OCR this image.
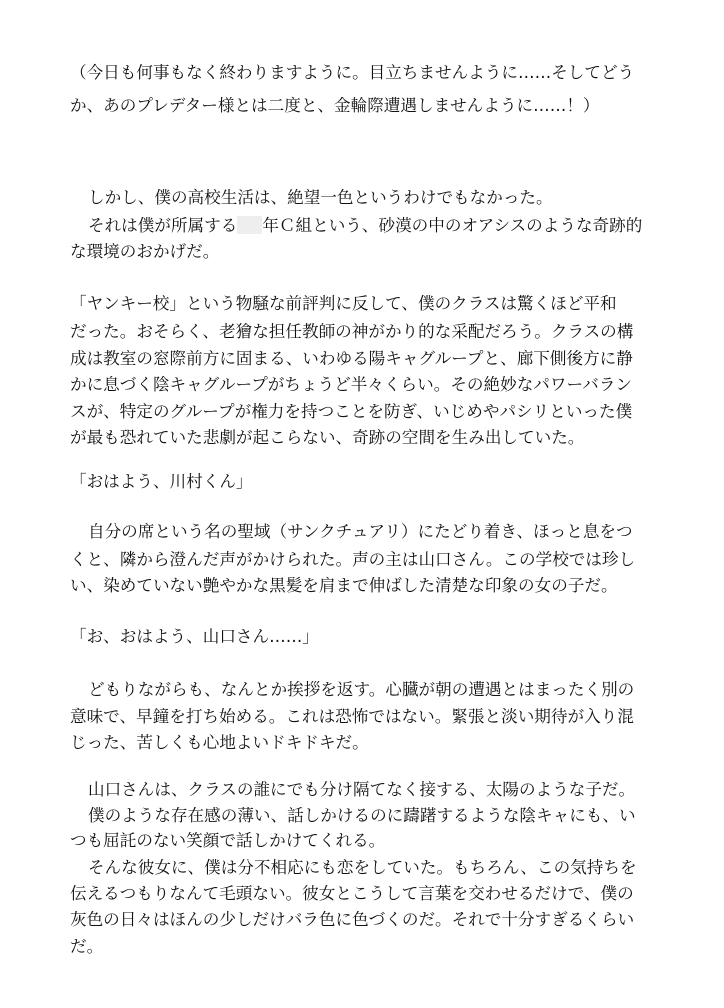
（今日も何事もなく終わりますように。目立ちませんように……そしてどう
か、あのプレデター様とは二度と、金輪際遭遇しませんように……！）
しかし、僕の高校生活は、絶望一色というわけでもなかった。
それは僕が所属する 年Ｃ組という、砂漠の中のオアシスのような奇跡的
な環境のおかげだ。
「ヤンキー校」という物騒な前評判に反して、僕のクラスは驚くほど平和
だった。おそらく、老獪な担任教師の神がかり的な采配だろう。クラスの構
成は教室の窓際前方に固まる、いわゆる陽キャグループと、廊下側後方に静
かに息づく陰キャグループがちょうど半々くらい。その絶妙なパワーバラン
スが、特定のグループが権力を持つことを防ぎ、いじめやパシリといった僕
が最も恐れていた悲劇が起こらない、奇跡の空間を生み出していた。
「おはよう、川村くん」
自分の席という名の聖域（サンクチュアリ）にたどり着き、ほっと息をつ
くと、隣から澄んだ声がかけられた。声の主は山口さん。この学校では珍し
い、染めていない艶やかな黒髪を肩まで伸ばした清楚な印象の女の子だ。
「お、おはよう、山口さん……」
どもりながらも、なんとか挨拶を返す。心臓が朝の遭遇とはまったく別の
意味で、早鐘を打ち始める。これは恐怖ではない。緊張と淡い期待が入り混
じった、苦しくも心地よいドキドキだ。
山口さんは、クラスの誰にでも分け隔てなく接する、太陽のような子だ。
僕のような存在感の薄い、話しかけるのに躊躇するような陰キャにも、い
つも屈託のない笑顔で話しかけてくれる。
そんな彼女に、僕は分不相応にも恋をしていた。もちろん、この気持ちを
伝えるつもりなんて毛頭ない。彼女とこうして言葉を交わせるだけで、僕の
灰色の日々はほんの少しだけバラ色に色づくのだ。それで十分すぎるくらい
だ。
